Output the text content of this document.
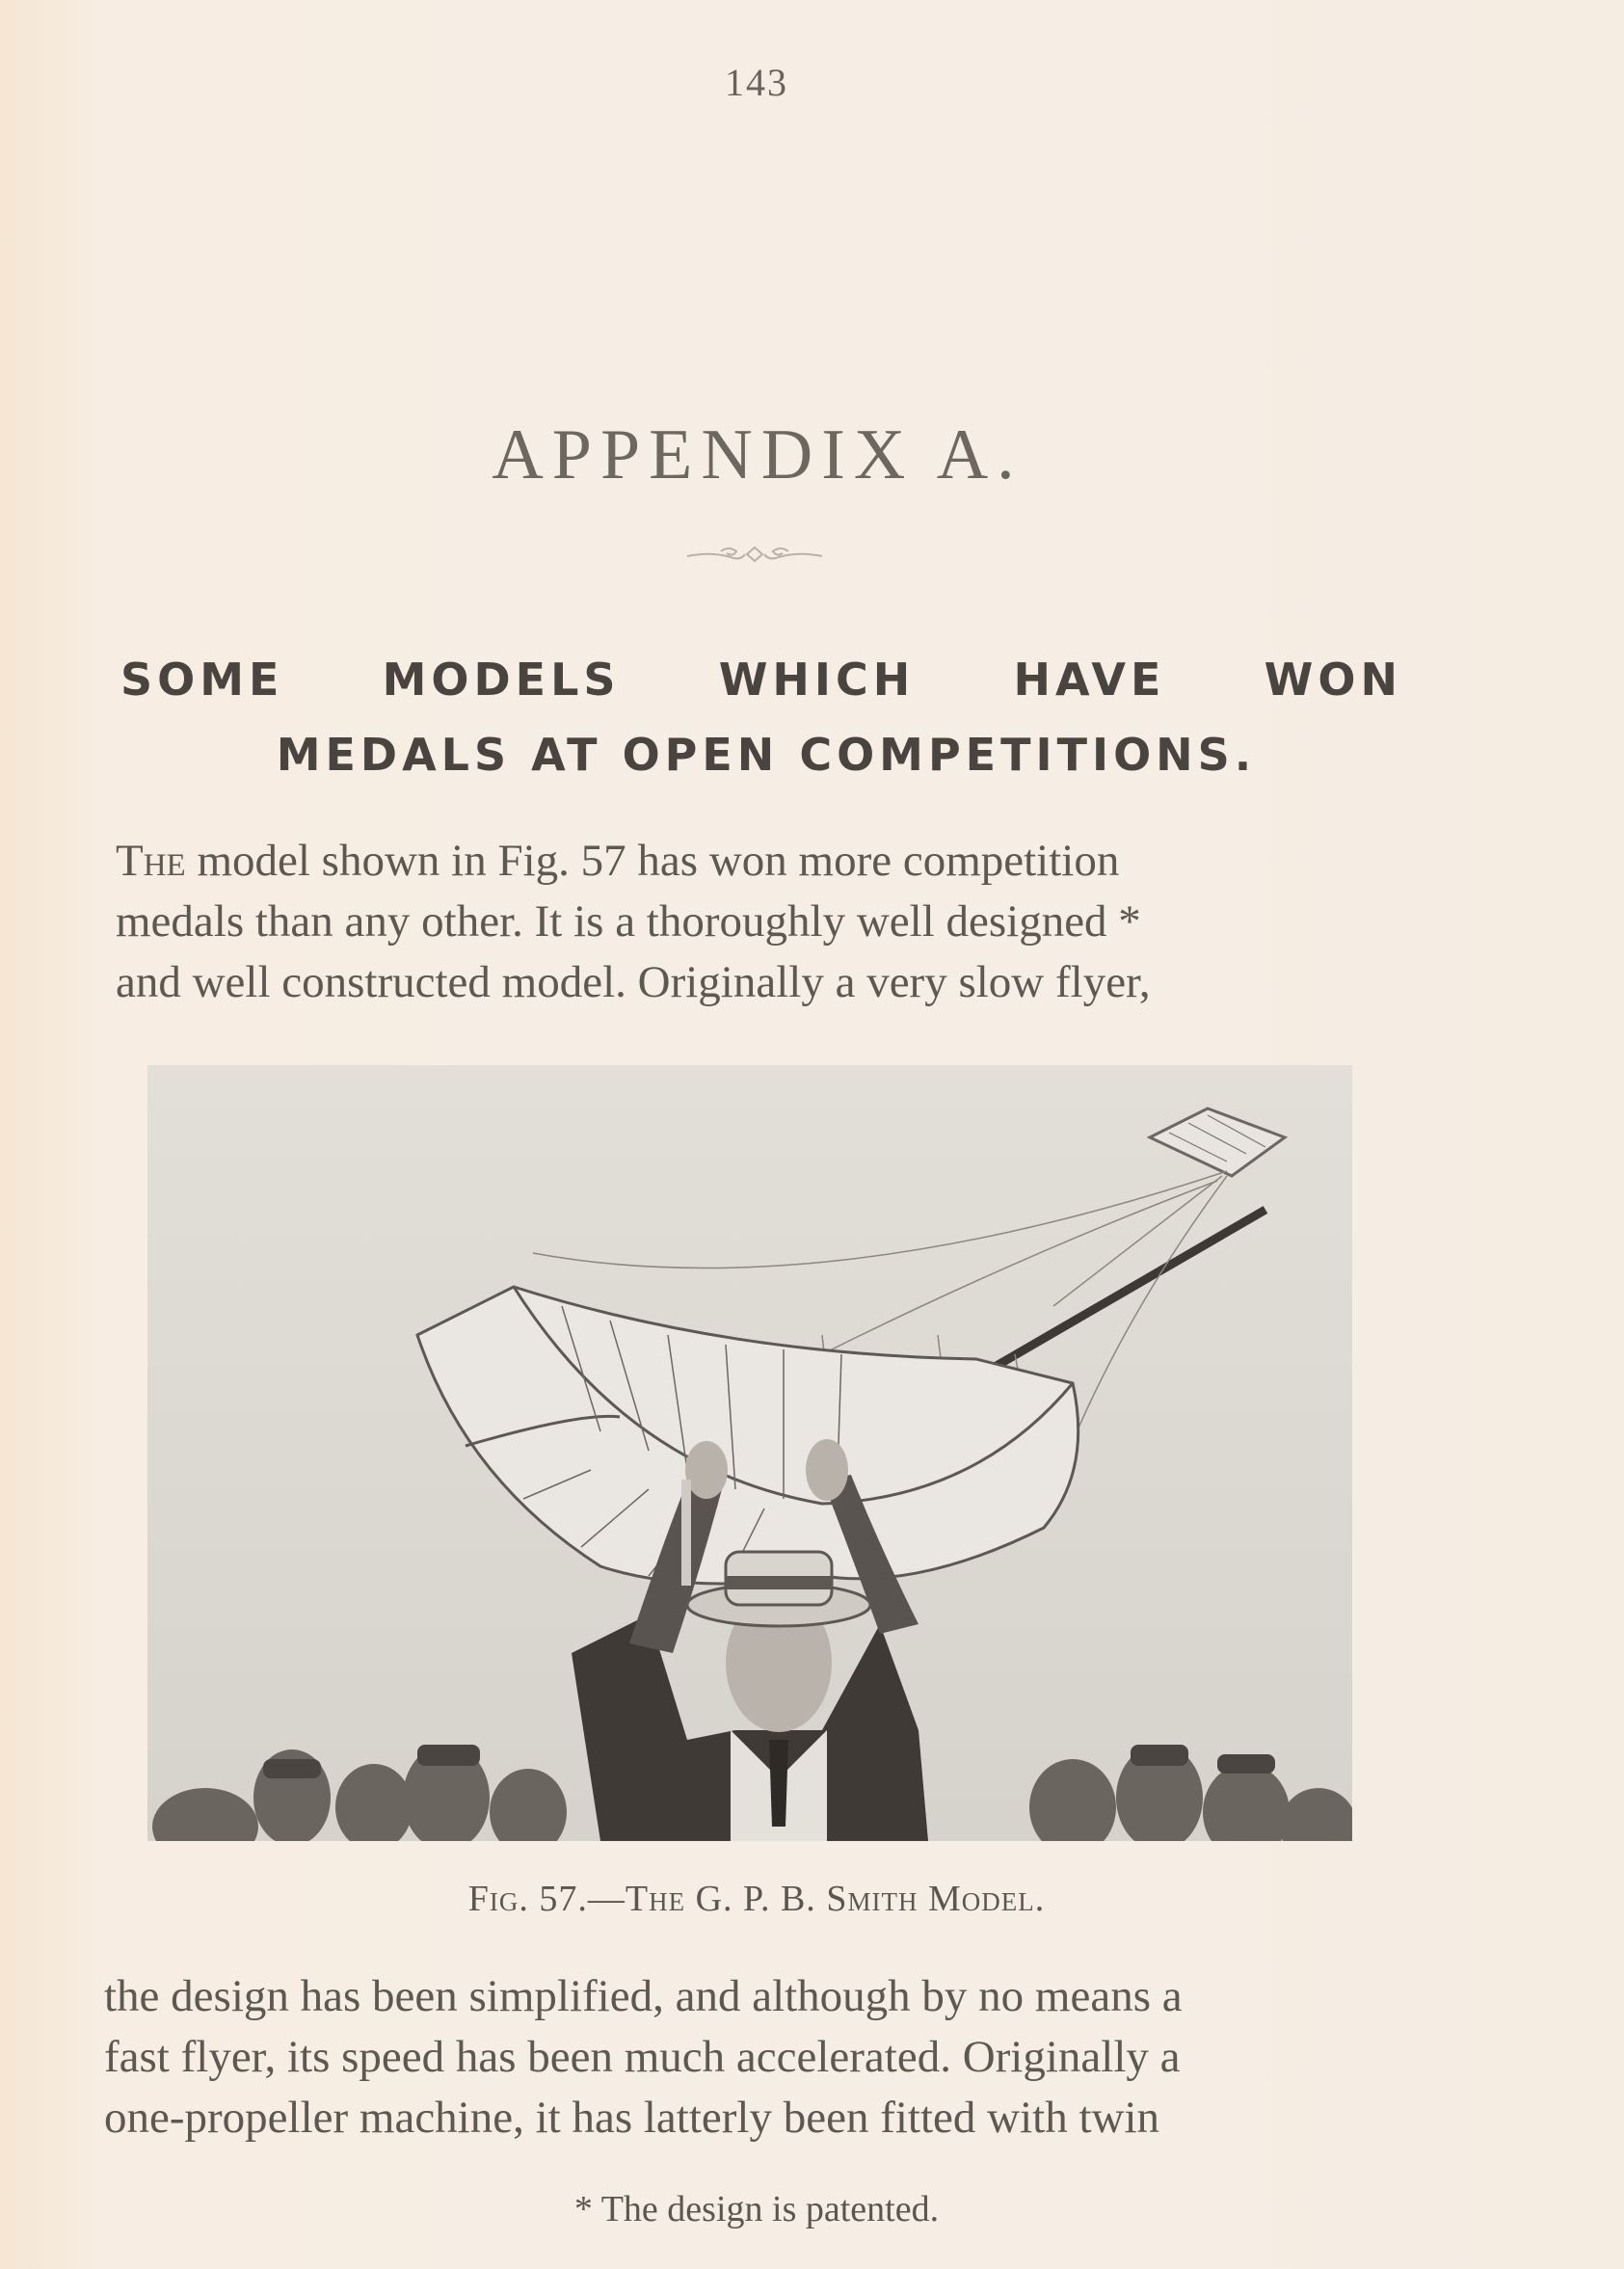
143
APPENDIX A.
SOME MODELS WHICH HAVE WON
MEDALS AT OPEN COMPETITIONS.
The model shown in Fig. 57 has won more competition
medals than any other. It is a thoroughly well designed *
and well constructed model. Originally a very slow flyer,
Fig. 57.—The G. P. B. Smith Model.
the design has been simplified, and although by no means a
fast flyer, its speed has been much accelerated. Originally a
one-propeller machine, it has latterly been fitted with twin
* The design is patented.
